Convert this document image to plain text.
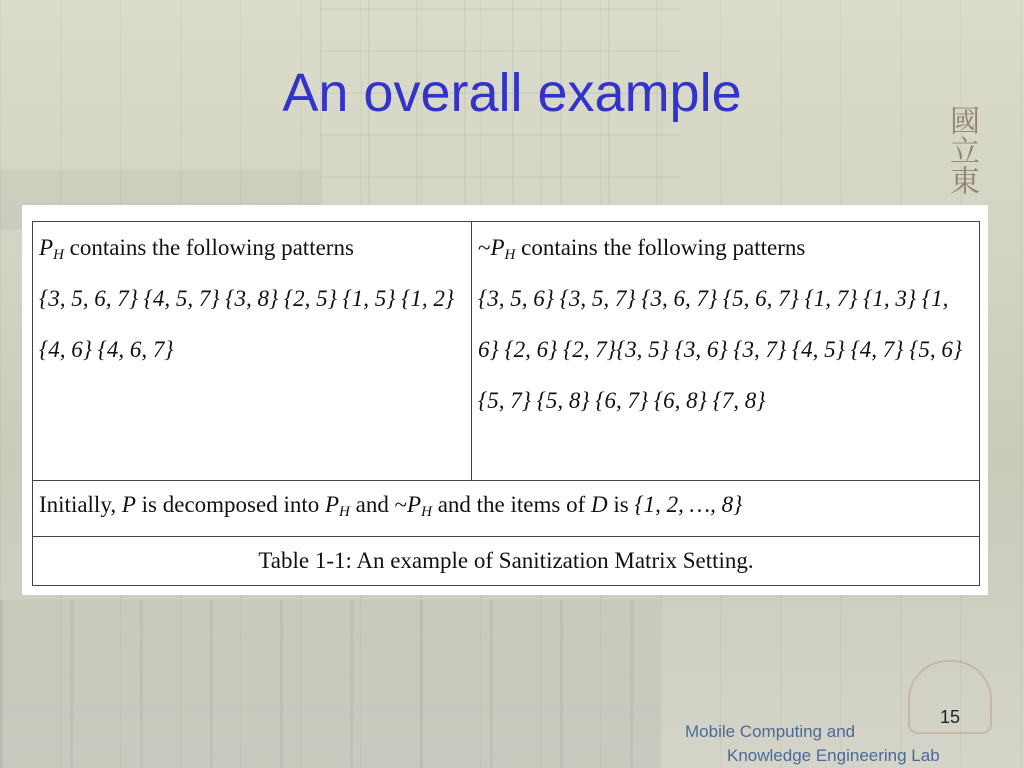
An overall example
國立東
$P_H$ contains the following patterns
{3, 5, 6, 7} {4, 5, 7} {3, 8} {2, 5} {1, 5} {1, 2} {4, 6} {4, 6, 7}

$\sim P_H$ contains the following patterns
{3, 5, 6} {3, 5, 7} {3, 6, 7} {5, 6, 7} {1, 7} {1, 3} {1, 6} {2, 6} {2, 7}{3, 5} {3, 6} {3, 7} {4, 5} {4, 7} {5, 6}{5, 7} {5, 8} {6, 7} {6, 8} {7, 8}

Initially, P is decomposed into $P_H$ and $\sim P_H$ and the items of D is {1, 2, …, 8}
Table 1-1: An example of Sanitization Matrix Setting.
15
Mobile Computing and
Knowledge Engineering Lab
